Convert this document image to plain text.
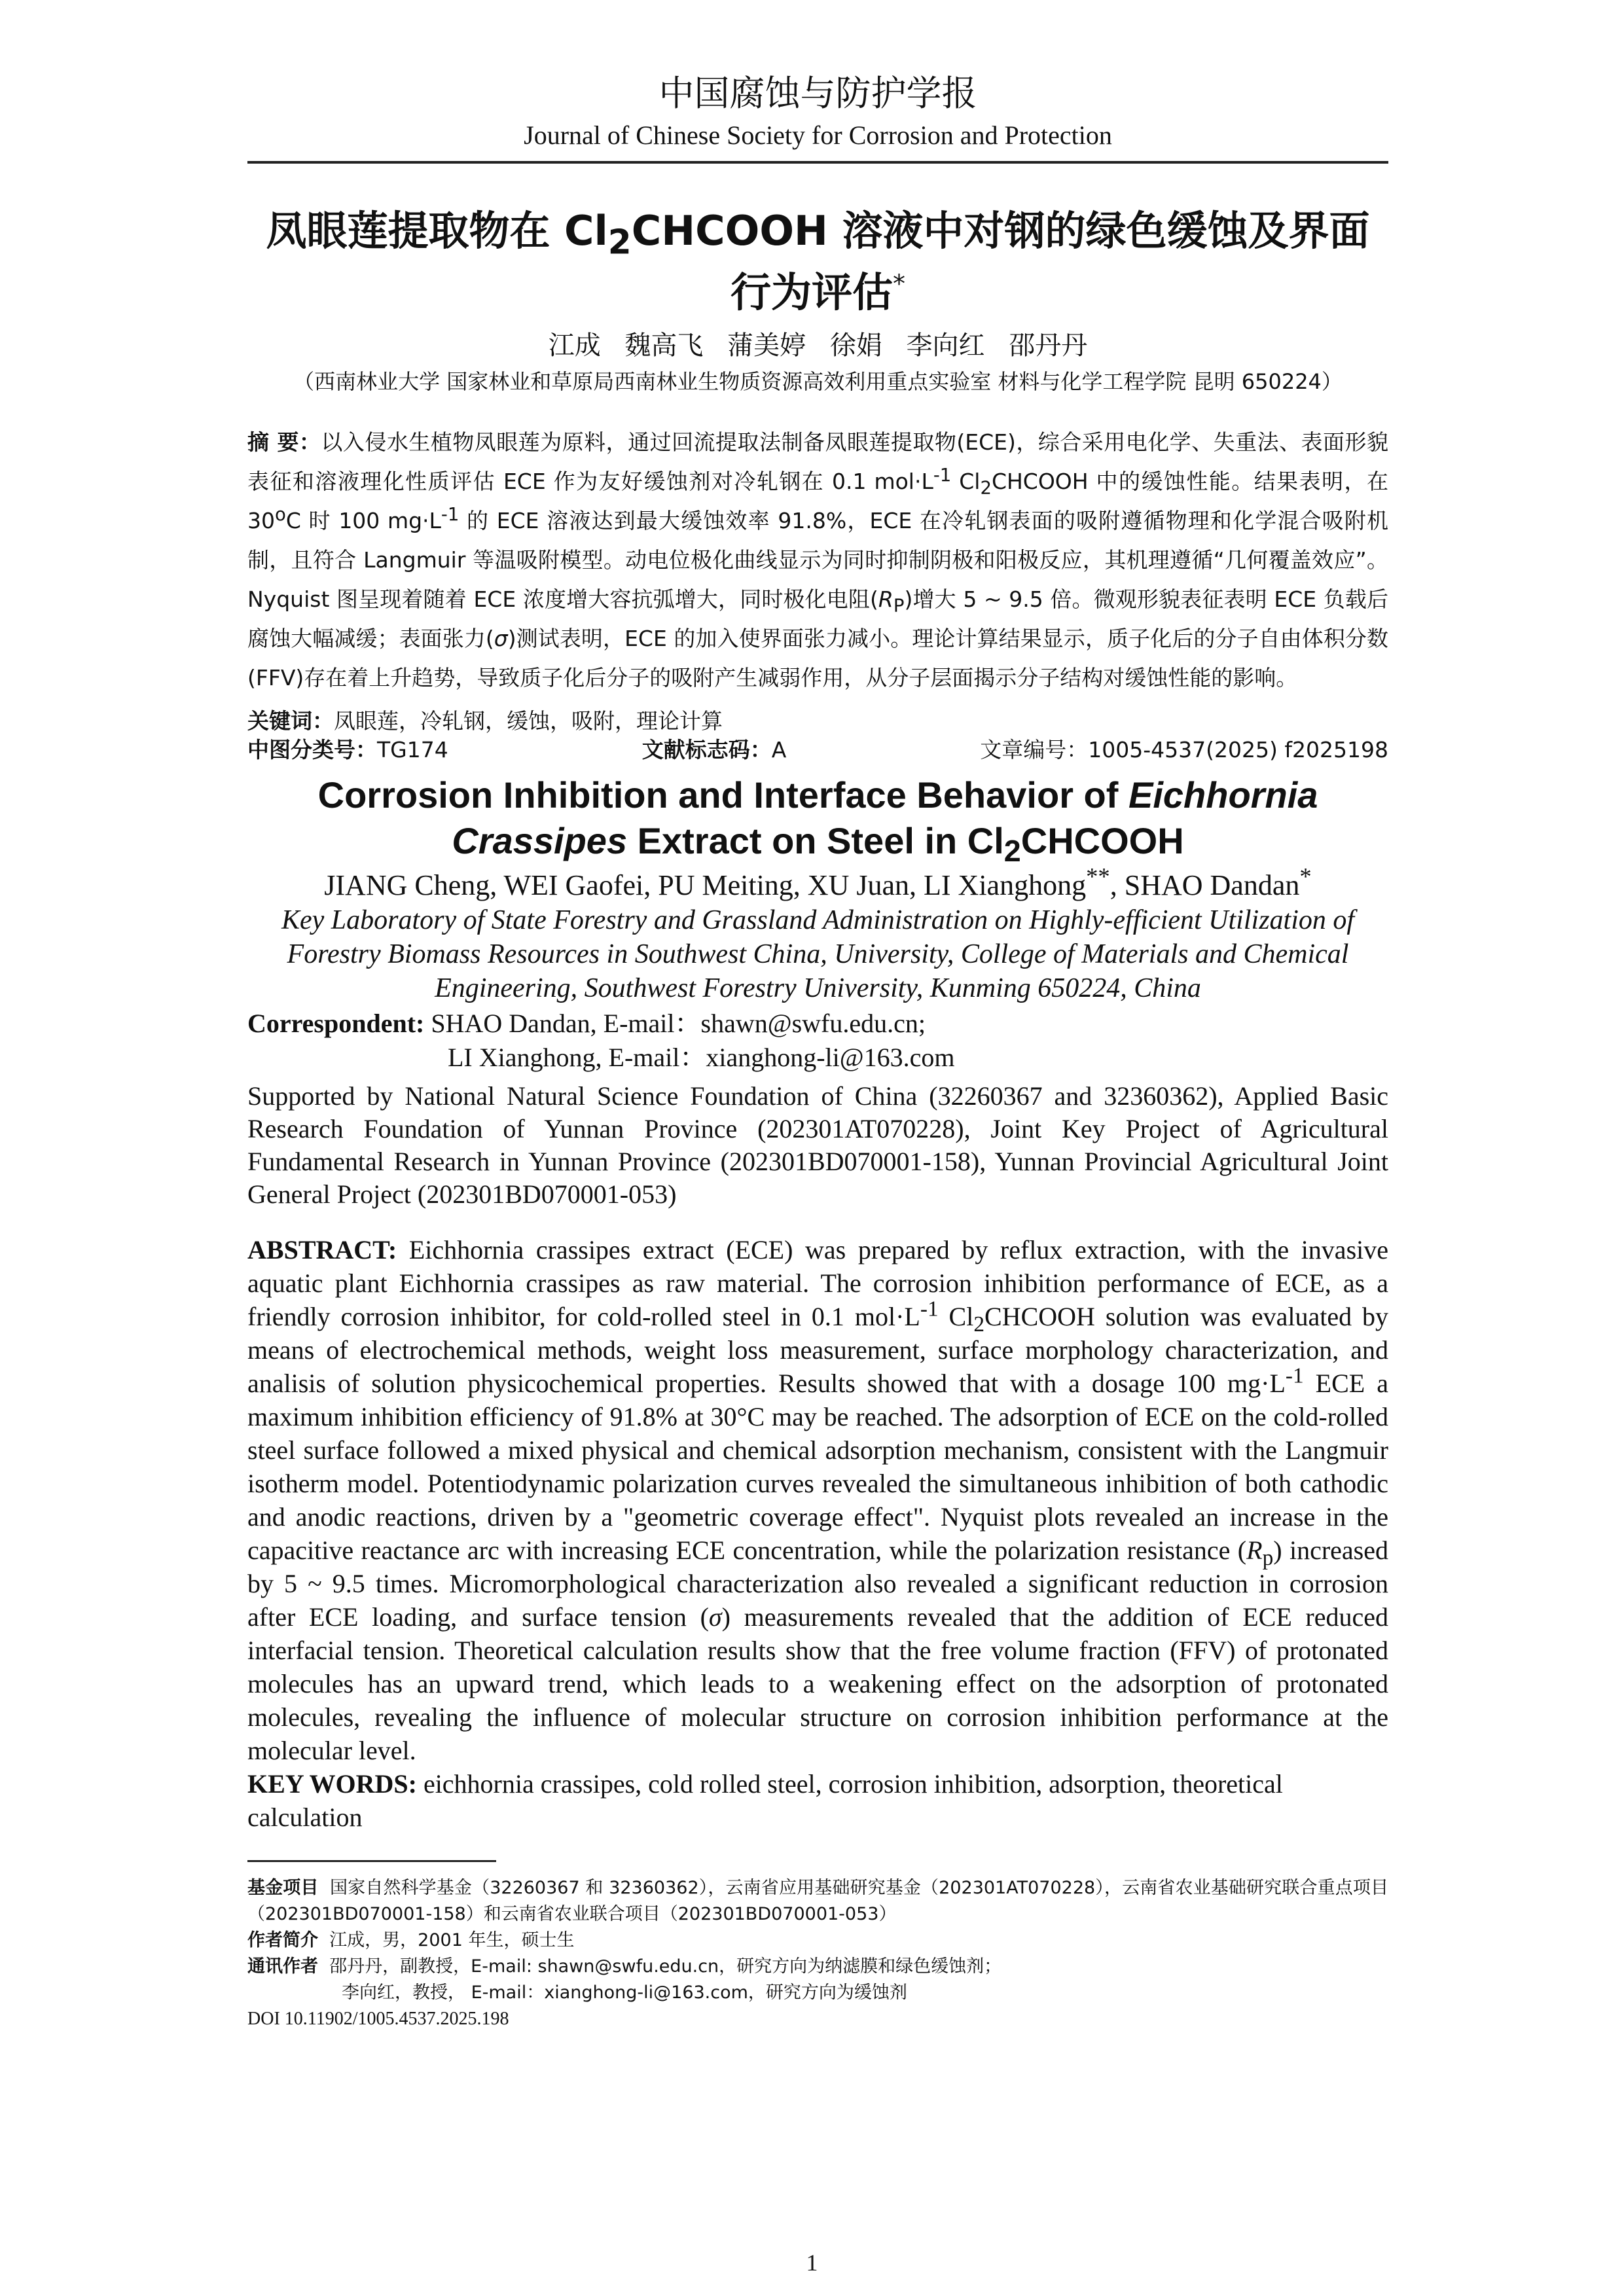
中国腐蚀与防护学报
Journal of Chinese Society for Corrosion and Protection
凤眼莲提取物在 $Cl_2CHCOOH$ 溶液中对钢的绿色缓蚀及界面行为评估*
江成 魏高飞 蒲美婷 徐娟 李向红 邵丹丹
（西南林业大学 国家林业和草原局西南林业生物质资源高效利用重点实验室 材料与化学工程学院 昆明 650224）
摘 要：以入侵水生植物凤眼莲为原料，通过回流提取法制备凤眼莲提取物(ECE)，综合采用电化学、失重法、表面形貌表征和溶液理化性质评估 ECE 作为友好缓蚀剂对冷轧钢在 0.1 $mol\cdot L^{-1}$ $Cl_2CHCOOH$ 中的缓蚀性能。结果表明，在 30$^o$C 时 100 $mg\cdot L^{-1}$ 的 ECE 溶液达到最大缓蚀效率 91.8%，ECE 在冷轧钢表面的吸附遵循物理和化学混合吸附机制，且符合 Langmuir 等温吸附模型。动电位极化曲线显示为同时抑制阴极和阳极反应，其机理遵循“几何覆盖效应”。Nyquist 图呈现着随着 ECE 浓度增大容抗弧增大，同时极化电阻$(R_P)$增大 5 ~ 9.5 倍。微观形貌表征表明 ECE 负载后腐蚀大幅减缓；表面张力(σ)测试表明，ECE 的加入使界面张力减小。理论计算结果显示，质子化后的分子自由体积分数(FFV)存在着上升趋势，导致质子化后分子的吸附产生减弱作用，从分子层面揭示分子结构对缓蚀性能的影响。
关键词：凤眼莲，冷轧钢，缓蚀，吸附，理论计算
中图分类号：TG174	文献标志码：A	文章编号：1005-4537(2025) f2025198
Corrosion Inhibition and Interface Behavior of Eichhornia Crassipes Extract on Steel in $Cl_2CHCOOH$
JIANG Cheng, WEI Gaofei, PU Meiting, XU Juan, LI Xianghong**, SHAO Dandan*
Key Laboratory of State Forestry and Grassland Administration on Highly-efficient Utilization of Forestry Biomass Resources in Southwest China, University, College of Materials and Chemical Engineering, Southwest Forestry University, Kunming 650224, China
Correspondent: SHAO Dandan, E-mail：shawn@swfu.edu.cn;
LI Xianghong, E-mail：xianghong-li@163.com
Supported by National Natural Science Foundation of China (32260367 and 32360362), Applied Basic Research Foundation of Yunnan Province (202301AT070228), Joint Key Project of Agricultural Fundamental Research in Yunnan Province (202301BD070001-158), Yunnan Provincial Agricultural Joint General Project (202301BD070001-053)
ABSTRACT: Eichhornia crassipes extract (ECE) was prepared by reflux extraction, with the invasive aquatic plant Eichhornia crassipes as raw material. The corrosion inhibition performance of ECE, as a friendly corrosion inhibitor, for cold-rolled steel in 0.1 $mol\cdot L^{-1}$ $Cl_2CHCOOH$ solution was evaluated by means of electrochemical methods, weight loss measurement, surface morphology characterization, and analisis of solution physicochemical properties. Results showed that with a dosage 100 $mg\cdot L^{-1}$ ECE a maximum inhibition efficiency of 91.8% at 30°C may be reached. The adsorption of ECE on the cold-rolled steel surface followed a mixed physical and chemical adsorption mechanism, consistent with the Langmuir isotherm model. Potentiodynamic polarization curves revealed the simultaneous inhibition of both cathodic and anodic reactions, driven by a "geometric coverage effect". Nyquist plots revealed an increase in the capacitive reactance arc with increasing ECE concentration, while the polarization resistance $(R_p)$ increased by 5 ~ 9.5 times. Micromorphological characterization also revealed a significant reduction in corrosion after ECE loading, and surface tension (σ) measurements revealed that the addition of ECE reduced interfacial tension. Theoretical calculation results show that the free volume fraction (FFV) of protonated molecules has an upward trend, which leads to a weakening effect on the adsorption of protonated molecules, revealing the influence of molecular structure on corrosion inhibition performance at the molecular level.
KEY WORDS: eichhornia crassipes, cold rolled steel, corrosion inhibition, adsorption, theoretical calculation
基金项目 国家自然科学基金（32260367 和 32360362），云南省应用基础研究基金（202301AT070228），云南省农业基础研究联合重点项目（202301BD070001-158）和云南省农业联合项目（202301BD070001-053）
作者简介 江成，男，2001 年生，硕士生
通讯作者 邵丹丹，副教授，E-mail: shawn@swfu.edu.cn，研究方向为纳滤膜和绿色缓蚀剂；
李向红，教授， E-mail：xianghong-li@163.com，研究方向为缓蚀剂
DOI 10.11902/1005.4537.2025.198
1
